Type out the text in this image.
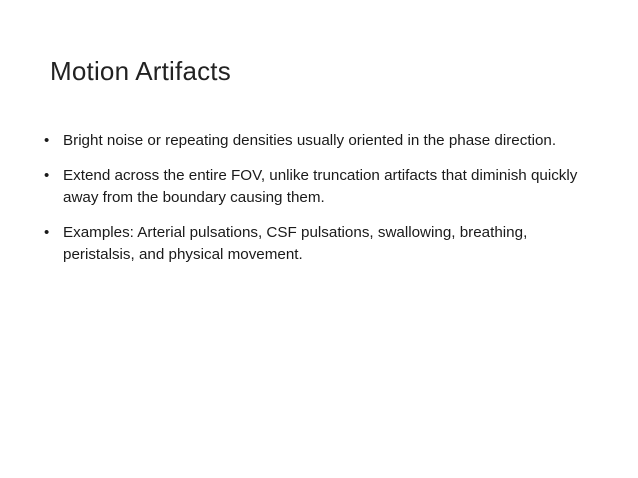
Motion Artifacts
• Bright noise or repeating densities usually oriented in the phase direction.
• Extend across the entire FOV, unlike truncation artifacts that diminish quickly away from the boundary causing them.
• Examples: Arterial pulsations, CSF pulsations, swallowing, breathing, peristalsis, and physical movement.
